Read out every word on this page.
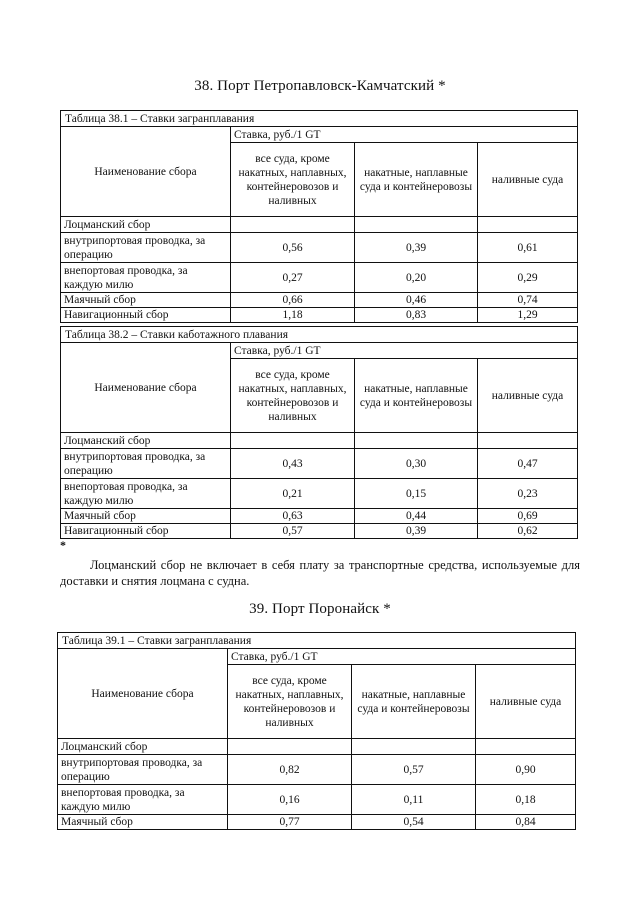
38. Порт Петропавловск-Камчатский *
Таблица 38.1 – Ставки загранплавания			
Наименование сбора	Ставка, руб./1 GT		
	все суда, кроме накатных, наплавных, контейнеровозов и наливных	накатные, наплавные суда и контейнеровозы	наливные суда
Лоцманский сбор			
внутрипортовая проводка, за операцию	0,56	0,39	0,61
внепортовая проводка, за каждую милю	0,27	0,20	0,29
Маячный сбор	0,66	0,46	0,74
Навигационный сбор	1,18	0,83	1,29
Таблица 38.2 – Ставки каботажного плавания			
Наименование сбора	Ставка, руб./1 GT		
	все суда, кроме накатных, наплавных, контейнеровозов и наливных	накатные, наплавные суда и контейнеровозы	наливные суда
Лоцманский сбор			
внутрипортовая проводка, за операцию	0,43	0,30	0,47
внепортовая проводка, за каждую милю	0,21	0,15	0,23
Маячный сбор	0,63	0,44	0,69
Навигационный сбор	0,57	0,39	0,62
*
Лоцманский сбор не включает в себя плату за транспортные средства, используемые для доставки и снятия лоцмана с судна.
39. Порт Поронайск *
Таблица 39.1 – Ставки загранплавания			
Наименование сбора	Ставка, руб./1 GT		
	все суда, кроме накатных, наплавных, контейнеровозов и наливных	накатные, наплавные суда и контейнеровозы	наливные суда
Лоцманский сбор			
внутрипортовая проводка, за операцию	0,82	0,57	0,90
внепортовая проводка, за каждую милю	0,16	0,11	0,18
Маячный сбор	0,77	0,54	0,84
